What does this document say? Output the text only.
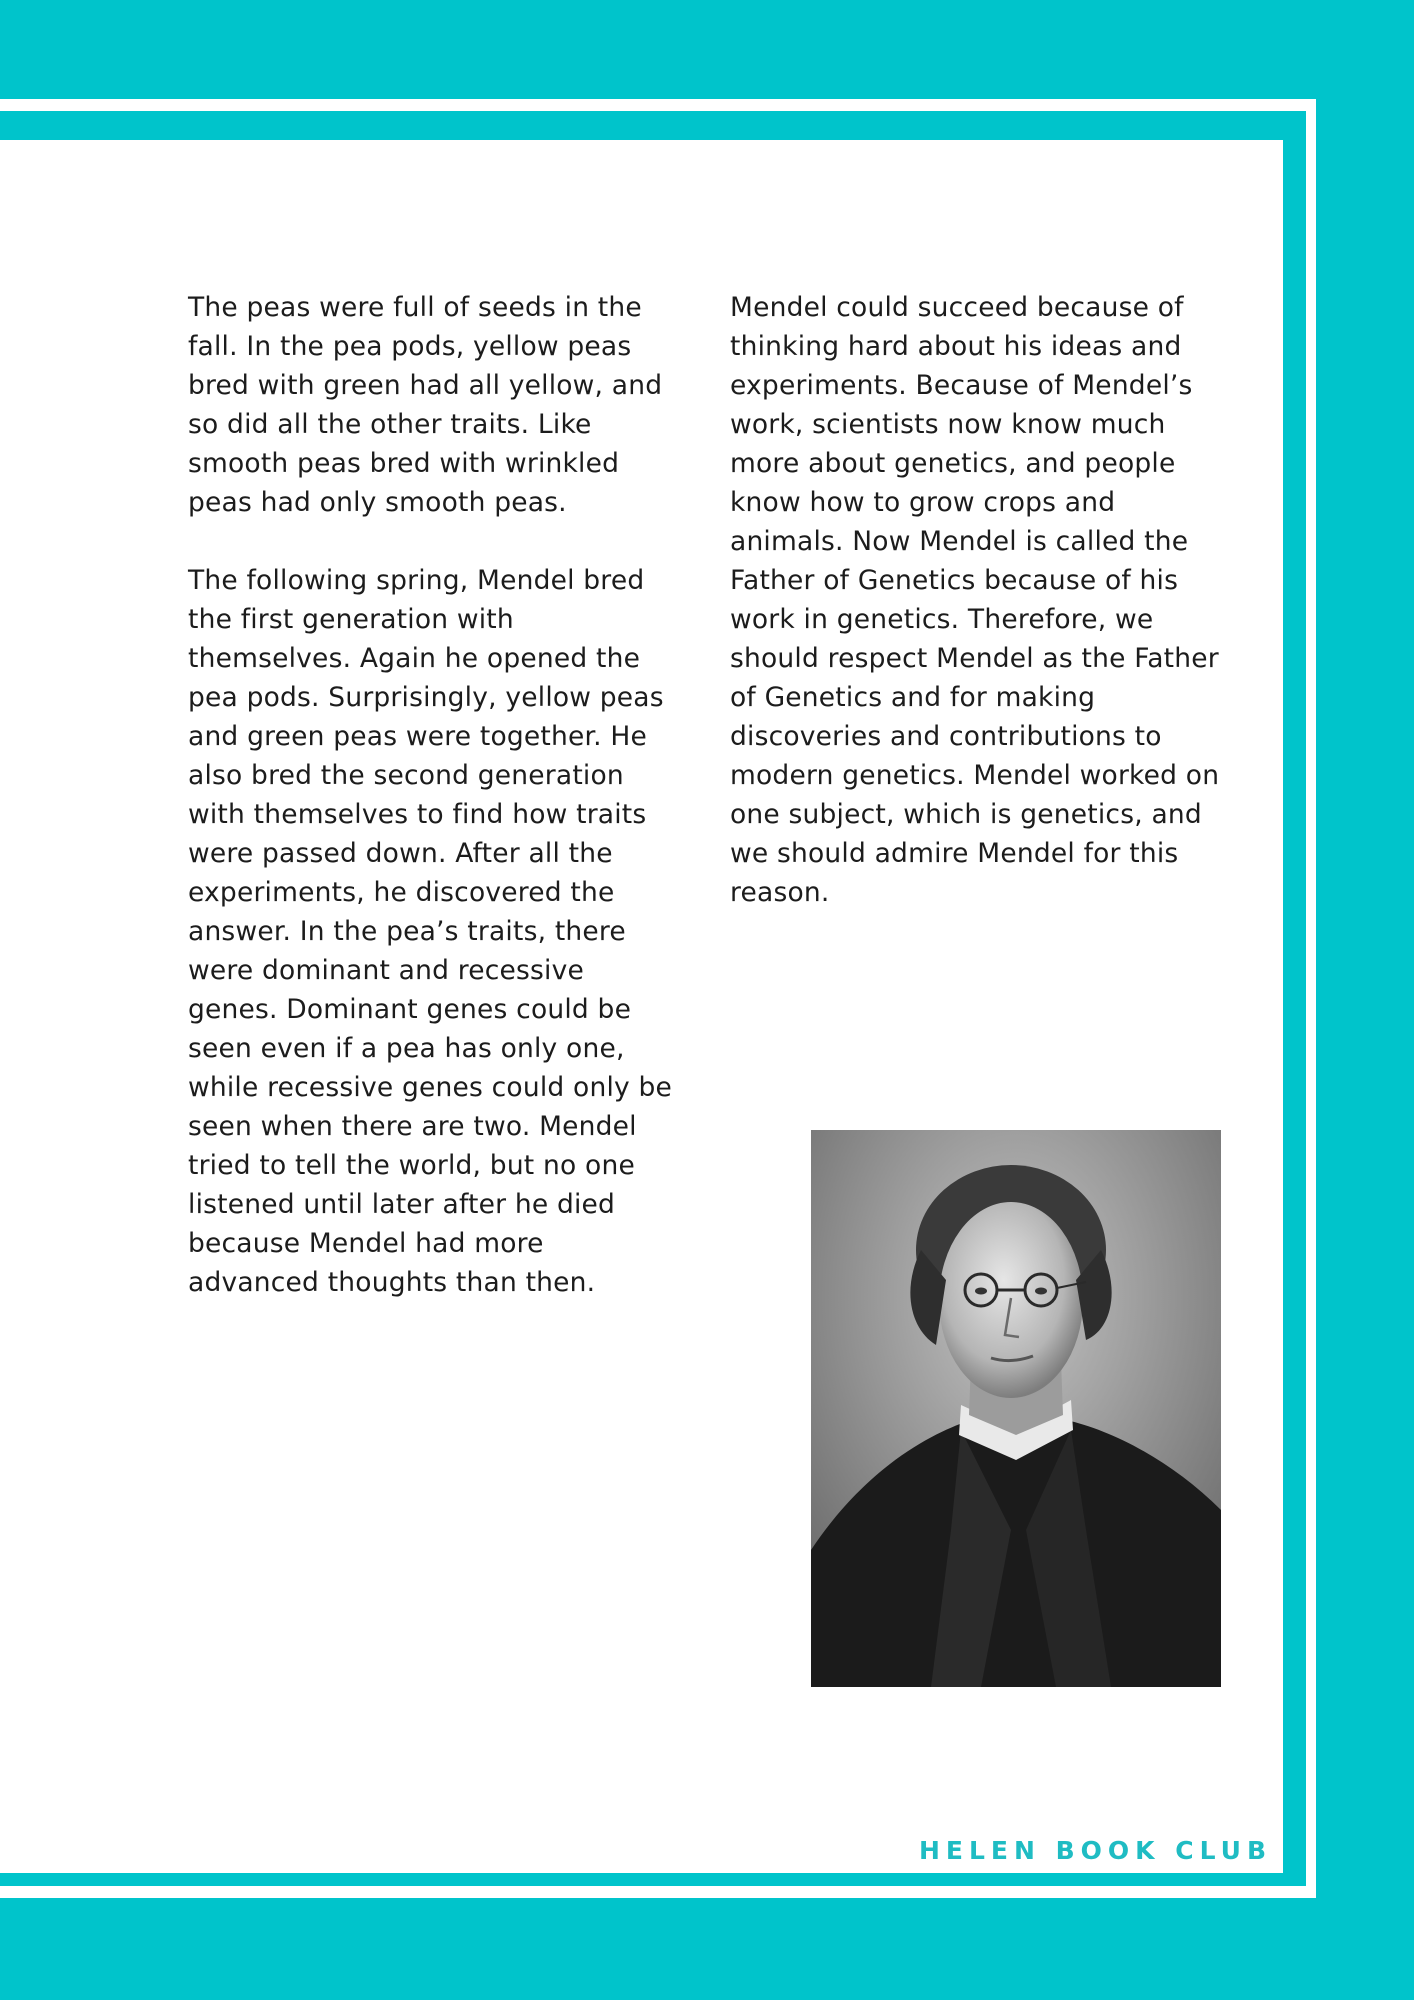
The peas were full of seeds in the fall. In the pea pods, yellow peas bred with green had all yellow, and so did all the other traits. Like smooth peas bred with wrinkled peas had only smooth peas.

The following spring, Mendel bred the first generation with themselves. Again he opened the pea pods. Surprisingly, yellow peas and green peas were together. He also bred the second generation with themselves to find how traits were passed down. After all the experiments, he discovered the answer. In the pea’s traits, there were dominant and recessive genes. Dominant genes could be seen even if a pea has only one, while recessive genes could only be seen when there are two. Mendel tried to tell the world, but no one listened until later after he died because Mendel had more advanced thoughts than then.

Mendel could succeed because of thinking hard about his ideas and experiments. Because of Mendel’s work, scientists now know much more about genetics, and people know how to grow crops and animals. Now Mendel is called the Father of Genetics because of his work in genetics. Therefore, we should respect Mendel as the Father of Genetics and for making discoveries and contributions to modern genetics. Mendel worked on one subject, which is genetics, and we should admire Mendel for this reason.

HELEN BOOK CLUB
